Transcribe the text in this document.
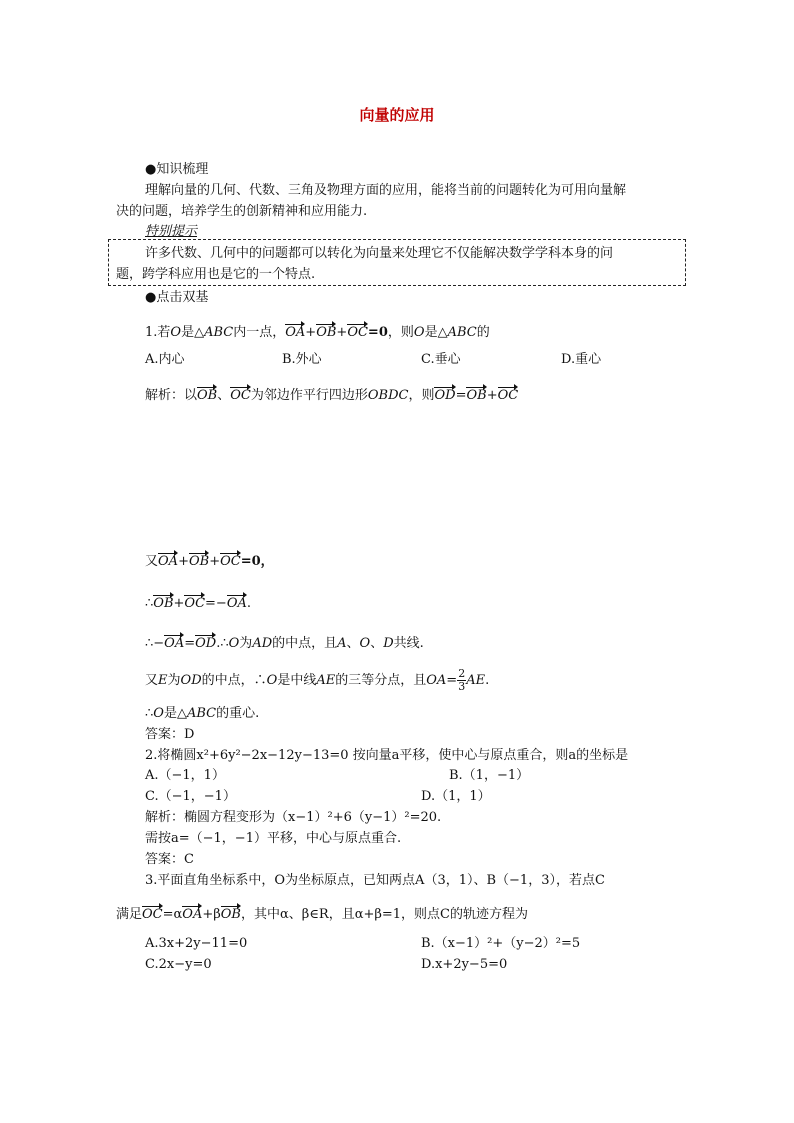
向量的应用
●知识梳理
理解向量的几何、代数、三角及物理方面的应用，能将当前的问题转化为可用向量解
决的问题，培养学生的创新精神和应用能力.
特别提示
许多代数、几何中的问题都可以转化为向量来处理它不仅能解决数学学科本身的问
题，跨学科应用也是它的一个特点.
●点击双基
1.若O是△ABC内一点，OA+OB+OC=0，则O是△ABC的
A.内心	B.外心	C.垂心	D.重心
解析：以OB、OC为邻边作平行四边形OBDC，则OD=OB+OC
又OA+OB+OC=0，
∴OB+OC=−OA.
∴−OA=OD.∴O为AD的中点，且A、O、D共线.
又E为OD的中点，∴O是中线AE的三等分点，且$OA= \frac{2}{3}$ AE.
∴O是△ABC的重心.
答案：D
2.将椭圆x²+6y²−2x−12y−13=0 按向量a平移，使中心与原点重合，则a的坐标是
A.（−1，1）	B.（1，−1）
C.（−1，−1）	D.（1，1）
解析：椭圆方程变形为（x−1）²+6（y−1）²=20.
需按a=（−1，−1）平移，中心与原点重合.
答案：C
3.平面直角坐标系中，O为坐标原点，已知两点A（3，1）、B（−1，3），若点C
满足OC=αOA+βOB，其中α、β∈R，且α+β=1，则点C的轨迹方程为
A.3x+2y−11=0	B.（x−1）²+（y−2）²=5
C.2x−y=0	D.x+2y−5=0
